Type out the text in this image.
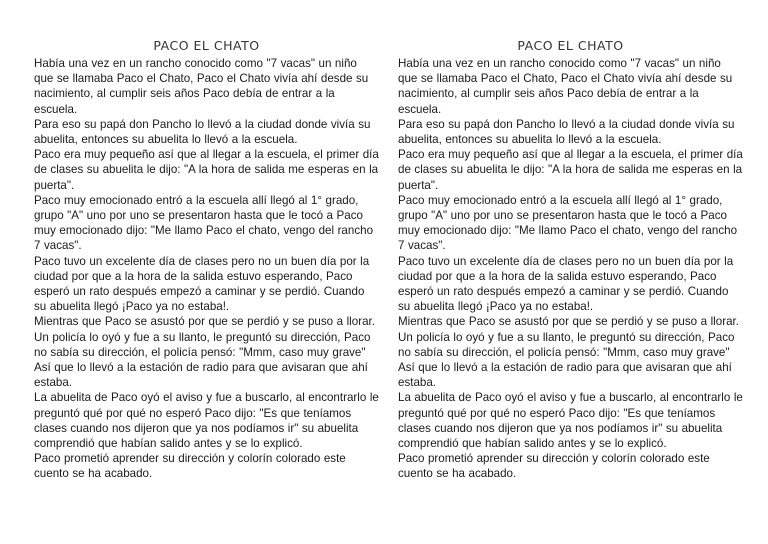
PACO EL CHATO

Había una vez en un rancho conocido como "7 vacas" un niño que se llamaba Paco el Chato, Paco el Chato vivía ahí desde su nacimiento, al cumplir seis años Paco debía de entrar a la escuela.

Para eso su papá don Pancho lo llevó a la ciudad donde vivía su abuelita, entonces su abuelita lo llevó a la escuela.

Paco era muy pequeño así que al llegar a la escuela, el primer día de clases su abuelita le dijo: "A la hora de salida me esperas en la puerta".

Paco muy emocionado entró a la escuela allí llegó al 1° grado, grupo "A" uno por uno se presentaron hasta que le tocó a Paco muy emocionado dijo: "Me llamo Paco el chato, vengo del rancho 7 vacas".

Paco tuvo un excelente día de clases pero no un buen día por la ciudad por que a la hora de la salida estuvo esperando, Paco esperó un rato después empezó a caminar y se perdió. Cuando su abuelita llegó ¡Paco ya no estaba!.

Mientras que Paco se asustó por que se perdió y se puso a llorar. Un policía lo oyó y fue a su llanto, le preguntó su dirección, Paco no sabía su dirección, el policía pensó: "Mmm, caso muy grave"

Así que lo llevó a la estación de radio para que avisaran que ahí estaba.

La abuelita de Paco oyó el aviso y fue a buscarlo, al encontrarlo le preguntó qué por qué no esperó Paco dijo: "Es que teníamos clases cuando nos dijeron que ya nos podíamos ir" su abuelita comprendió que habían salido antes y se lo explicó.

Paco prometió aprender su dirección y colorín colorado este cuento se ha acabado.

PACO EL CHATO

Había una vez en un rancho conocido como "7 vacas" un niño que se llamaba Paco el Chato, Paco el Chato vivía ahí desde su nacimiento, al cumplir seis años Paco debía de entrar a la escuela.

Para eso su papá don Pancho lo llevó a la ciudad donde vivía su abuelita, entonces su abuelita lo llevó a la escuela.

Paco era muy pequeño así que al llegar a la escuela, el primer día de clases su abuelita le dijo: "A la hora de salida me esperas en la puerta".

Paco muy emocionado entró a la escuela allí llegó al 1° grado, grupo "A" uno por uno se presentaron hasta que le tocó a Paco muy emocionado dijo: "Me llamo Paco el chato, vengo del rancho 7 vacas".

Paco tuvo un excelente día de clases pero no un buen día por la ciudad por que a la hora de la salida estuvo esperando, Paco esperó un rato después empezó a caminar y se perdió. Cuando su abuelita llegó ¡Paco ya no estaba!.

Mientras que Paco se asustó por que se perdió y se puso a llorar. Un policía lo oyó y fue a su llanto, le preguntó su dirección, Paco no sabía su dirección, el policía pensó: "Mmm, caso muy grave"

Así que lo llevó a la estación de radio para que avisaran que ahí estaba.

La abuelita de Paco oyó el aviso y fue a buscarlo, al encontrarlo le preguntó qué por qué no esperó Paco dijo: "Es que teníamos clases cuando nos dijeron que ya nos podíamos ir" su abuelita comprendió que habían salido antes y se lo explicó.

Paco prometió aprender su dirección y colorín colorado este cuento se ha acabado.
